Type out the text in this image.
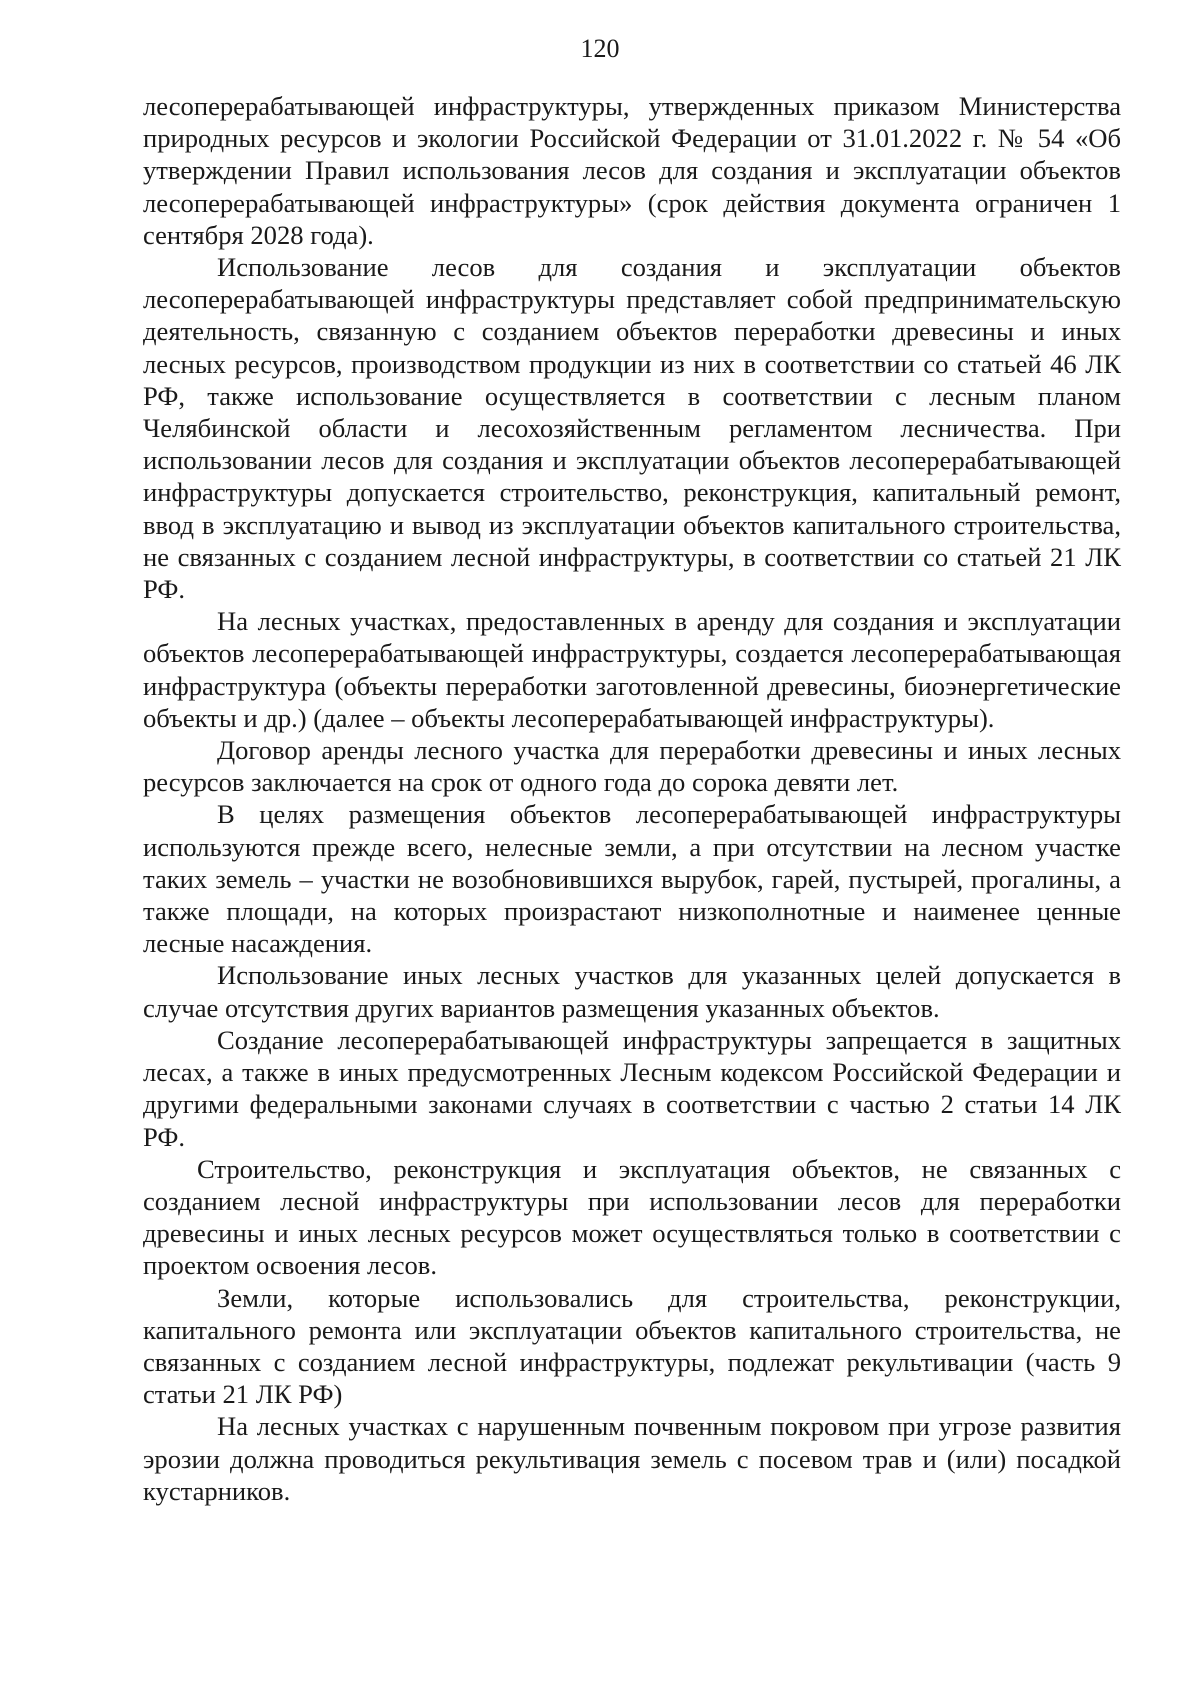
120

лесоперерабатывающей инфраструктуры, утвержденных приказом Министерства природных ресурсов и экологии Российской Федерации от 31.01.2022 г. № 54 «Об утверждении Правил использования лесов для создания и эксплуатации объектов лесоперерабатывающей инфраструктуры» (срок действия документа ограничен 1 сентября 2028 года).

Использование лесов для создания и эксплуатации объектов лесоперерабатывающей инфраструктуры представляет собой предпринимательскую деятельность, связанную с созданием объектов переработки древесины и иных лесных ресурсов, производством продукции из них в соответствии со статьей 46 ЛК РФ, также использование осуществляется в соответствии с лесным планом Челябинской области и лесохозяйственным регламентом лесничества. При использовании лесов для создания и эксплуатации объектов лесоперерабатывающей инфраструктуры допускается строительство, реконструкция, капитальный ремонт, ввод в эксплуатацию и вывод из эксплуатации объектов капитального строительства, не связанных с созданием лесной инфраструктуры, в соответствии со статьей 21 ЛК РФ.

На лесных участках, предоставленных в аренду для создания и эксплуатации объектов лесоперерабатывающей инфраструктуры, создается лесоперерабатывающая инфраструктура (объекты переработки заготовленной древесины, биоэнергетические объекты и др.) (далее – объекты лесоперерабатывающей инфраструктуры).

Договор аренды лесного участка для переработки древесины и иных лесных ресурсов заключается на срок от одного года до сорока девяти лет.

В целях размещения объектов лесоперерабатывающей инфраструктуры используются прежде всего, нелесные земли, а при отсутствии на лесном участке таких земель – участки не возобновившихся вырубок, гарей, пустырей, прогалины, а также площади, на которых произрастают низкополнотные и наименее ценные лесные насаждения.

Использование иных лесных участков для указанных целей допускается в случае отсутствия других вариантов размещения указанных объектов.

Создание лесоперерабатывающей инфраструктуры запрещается в защитных лесах, а также в иных предусмотренных Лесным кодексом Российской Федерации и другими федеральными законами случаях в соответствии с частью 2 статьи 14 ЛК РФ.

Строительство, реконструкция и эксплуатация объектов, не связанных с созданием лесной инфраструктуры при использовании лесов для переработки древесины и иных лесных ресурсов может осуществляться только в соответствии с проектом освоения лесов.

Земли, которые использовались для строительства, реконструкции, капитального ремонта или эксплуатации объектов капитального строительства, не связанных с созданием лесной инфраструктуры, подлежат рекультивации (часть 9 статьи 21 ЛК РФ)

На лесных участках с нарушенным почвенным покровом при угрозе развития эрозии должна проводиться рекультивация земель с посевом трав и (или) посадкой кустарников.
